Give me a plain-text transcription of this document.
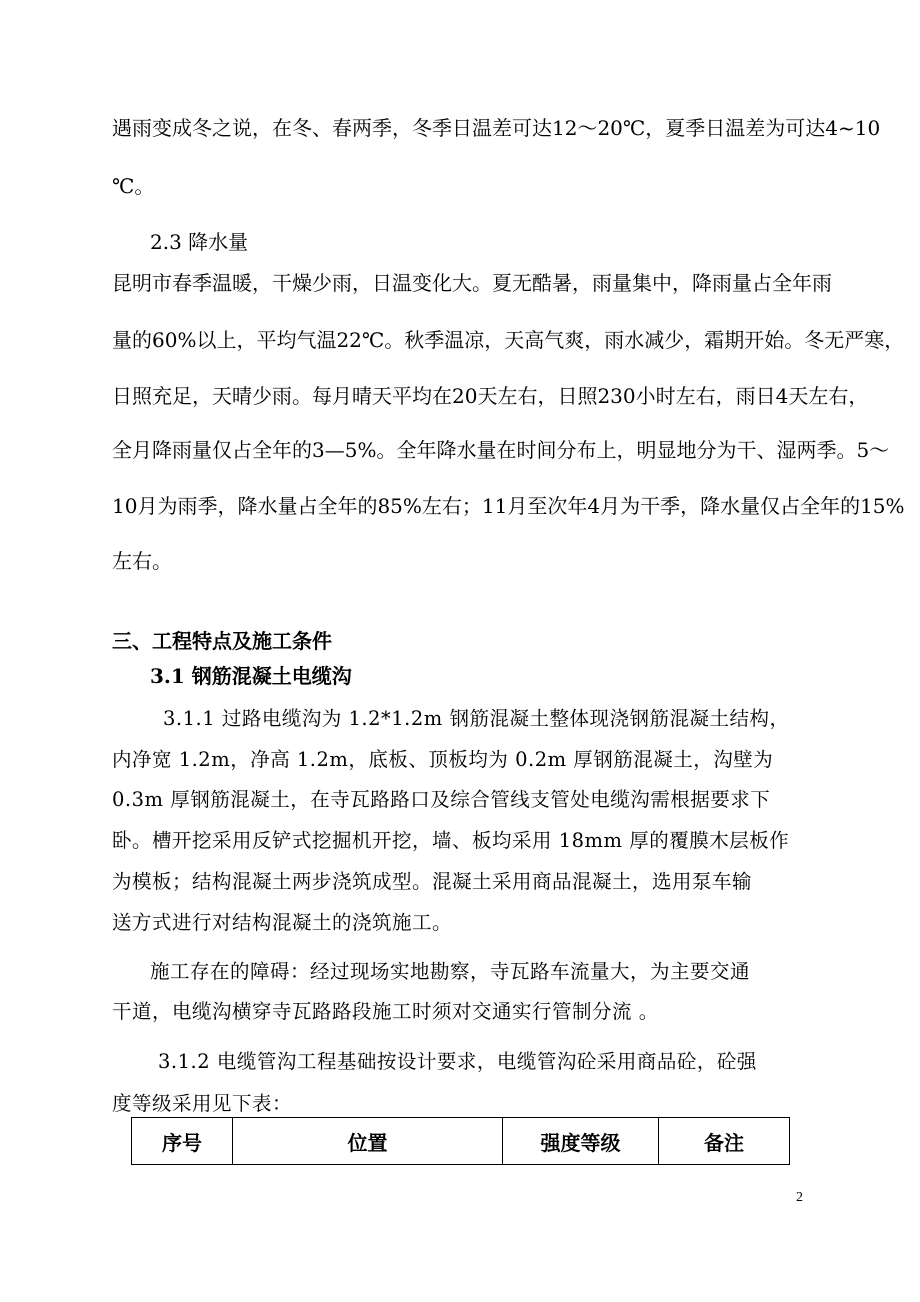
遇雨变成冬之说，在冬、春两季，冬季日温差可达12～20℃，夏季日温差为可达4~10
℃。
2.3 降水量
昆明市春季温暖，干燥少雨，日温变化大。夏无酷暑，雨量集中，降雨量占全年雨
量的60%以上，平均气温22℃。秋季温凉，天高气爽，雨水减少，霜期开始。冬无严寒，
日照充足，天晴少雨。每月晴天平均在20天左右，日照230小时左右，雨日4天左右，
全月降雨量仅占全年的3—5%。全年降水量在时间分布上，明显地分为干、湿两季。5～
10月为雨季，降水量占全年的85%左右；11月至次年4月为干季，降水量仅占全年的15%
左右。
三、工程特点及施工条件
3.1 钢筋混凝土电缆沟
3.1.1 过路电缆沟为 1.2*1.2m 钢筋混凝土整体现浇钢筋混凝土结构，
内净宽 1.2m，净高 1.2m，底板、顶板均为 0.2m 厚钢筋混凝土，沟壁为
0.3m 厚钢筋混凝土，在寺瓦路路口及综合管线支管处电缆沟需根据要求下
卧。槽开挖采用反铲式挖掘机开挖，墙、板均采用 18mm 厚的覆膜木层板作
为模板；结构混凝土两步浇筑成型。混凝土采用商品混凝土，选用泵车输
送方式进行对结构混凝土的浇筑施工。
施工存在的障碍：经过现场实地勘察，寺瓦路车流量大，为主要交通
干道，电缆沟横穿寺瓦路路段施工时须对交通实行管制分流 。
3.1.2 电缆管沟工程基础按设计要求，电缆管沟砼采用商品砼，砼强
度等级采用见下表：
序号	位置	强度等级	备注
2
